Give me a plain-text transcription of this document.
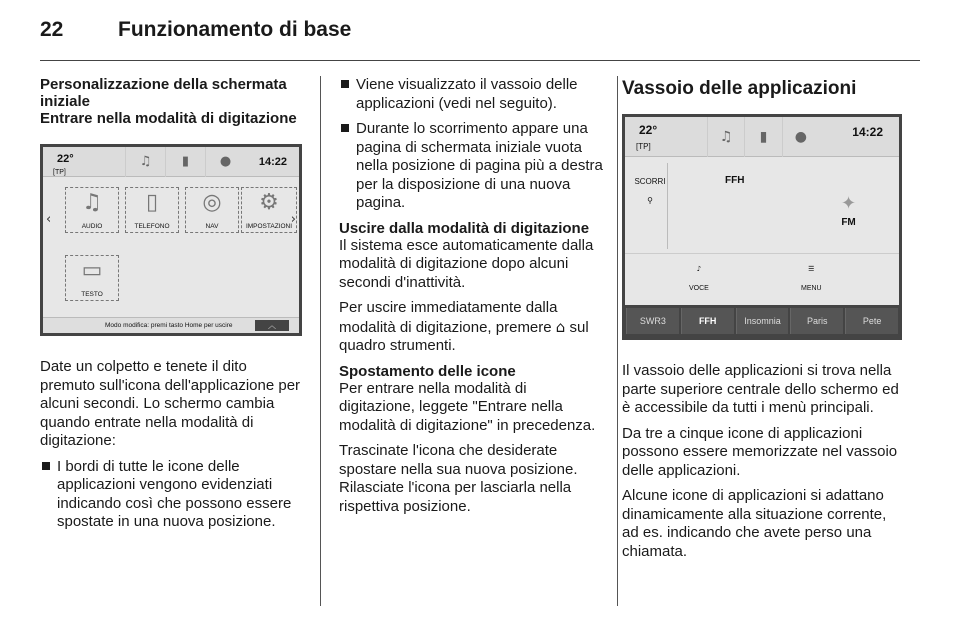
22	Funzionamento di base
Personalizzazione della schermata iniziale
Entrare nella modalità di digitazione
22°
[TP]
♫	▮	●	14:22
♫
AUDIO
▯
TELEFONO
◎
NAV
⚙
IMPOSTAZIONI
▭
TESTO
‹	›
Modo modifica: premi tasto Home per uscire	︿

Date un colpetto e tenete il dito premuto sull'icona dell'applicazione per alcuni secondi. Lo schermo cambia quando entrate nella modalità di digitazione:

I bordi di tutte le icone delle applicazioni vengono evidenziati indicando così che possono essere spostate in una nuova posizione.
Viene visualizzato il vassoio delle applicazioni (vedi nel seguito).
Durante lo scorrimento appare una pagina di schermata iniziale vuota nella posizione di pagina più a destra per la disposizione di una nuova pagina.
Uscire dalla modalità di digitazione

Il sistema esce automaticamente dalla modalità di digitazione dopo alcuni secondi d'inattività.

Per uscire immediatamente dalla modalità di digitazione, premere ⌂ sul quadro strumenti.

Spostamento delle icone

Per entrare nella modalità di digitazione, leggete "Entrare nella modalità di digitazione" in precedenza.

Trascinate l'icona che desiderate spostare nella sua nuova posizione. Rilasciate l'icona per lasciarla nella rispettiva posizione.

Vassoio delle applicazioni
22°
[TP]
♫	▮	●	14:22
SCORRI
⚲
FFH
✦
FM
♪
VOCE
☰
MENU
SWR3	FFH	Insomnia	Paris	Pete

Il vassoio delle applicazioni si trova nella parte superiore centrale dello schermo ed è accessibile da tutti i menù principali.

Da tre a cinque icone di applicazioni possono essere memorizzate nel vassoio delle applicazioni.

Alcune icone di applicazioni si adattano dinamicamente alla situazione corrente, ad es. indicando che avete perso una chiamata.
